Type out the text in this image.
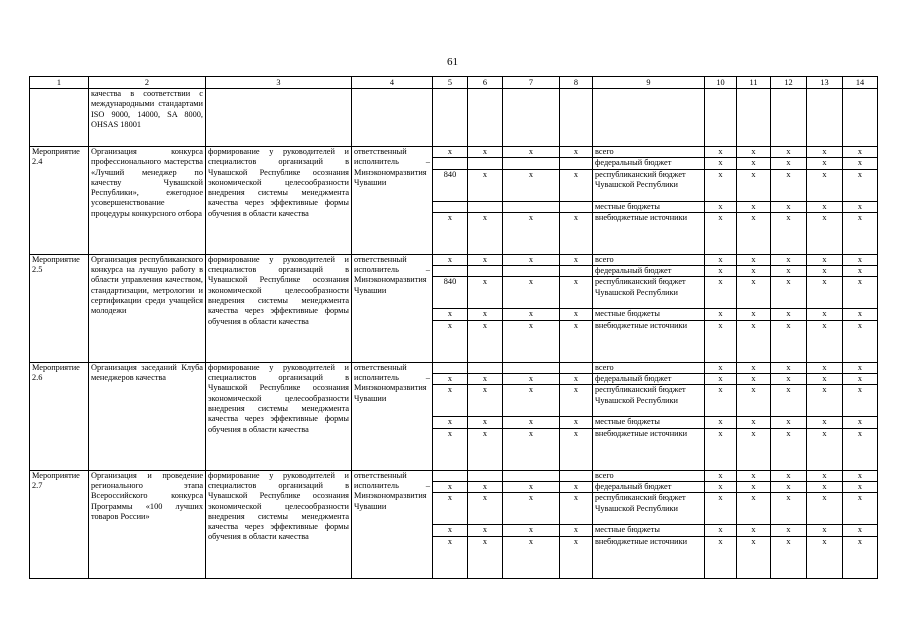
61
1	2	3	4	5	6	7	8	9	10	11	12	13	14
	качества в соответствии с международными стандартами ISO 9000, 14000, SA 8000, OHSAS 18001												
Мероприятие 2.4	Организация конкурса профессионального мастерства «Лучший менеджер по качеству Чувашской Республики», ежегодное усовершенствование процедуры конкурсного отбора	формирование у руководителей и специалистов организаций в Чувашской Республике осознания экономической целесообразности внедрения системы менеджмента качества через эффективные формы обучения в области качества	ответственный исполнитель – Минэкономразвития Чувашии	x	x	x	x	всего	x	x	x	x	x
								федеральный бюджет	x	x	x	x	x
				840	x	x	x	республиканский бюджет Чувашской Республики	x	x	x	x	x
								местные бюджеты	x	x	x	x	x
				x	x	x	x	внебюджетные источники	x	x	x	x	x
Мероприятие 2.5	Организация республиканского конкурса на лучшую работу в области управления качеством, стандартизации, метрологии и сертификации среди учащейся молодежи	формирование у руководителей и специалистов организаций в Чувашской Республике осознания экономической целесообразности внедрения системы менеджмента качества через эффективные формы обучения в области качества	ответственный исполнитель – Минэкономразвития Чувашии	x	x	x	x	всего	x	x	x	x	x
								федеральный бюджет	x	x	x	x	x
				840	x	x	x	республиканский бюджет Чувашской Республики	x	x	x	x	x
				x	x	x	x	местные бюджеты	x	x	x	x	x
				x	x	x	x	внебюджетные источники	x	x	x	x	x
Мероприятие 2.6	Организация заседаний Клуба менеджеров качества	формирование у руководителей и специалистов организаций в Чувашской Республике осознания экономической целесообразности внедрения системы менеджмента качества через эффективные формы обучения в области качества	ответственный исполнитель – Минэкономразвития Чувашии					всего	x	x	x	x	x
				x	x	x	x	федеральный бюджет	x	x	x	x	x
				x	x	x	x	республиканский бюджет Чувашской Республики	x	x	x	x	x
				x	x	x	x	местные бюджеты	x	x	x	x	x
				x	x	x	x	внебюджетные источники	x	x	x	x	x
Мероприятие 2.7	Организация и проведение регионального этапа Всероссийского конкурса Программы «100 лучших товаров России»	формирование у руководителей и специалистов организаций в Чувашской Республике осознания экономической целесообразности внедрения системы менеджмента качества через эффективные формы обучения в области качества	ответственный исполнитель – Минэкономразвития Чувашии					всего	x	x	x	x	x
				x	x	x	x	федеральный бюджет	x	x	x	x	x
				x	x	x	x	республиканский бюджет Чувашской Республики	x	x	x	x	x
				x	x	x	x	местные бюджеты	x	x	x	x	x
				x	x	x	x	внебюджетные источники	x	x	x	x	x
